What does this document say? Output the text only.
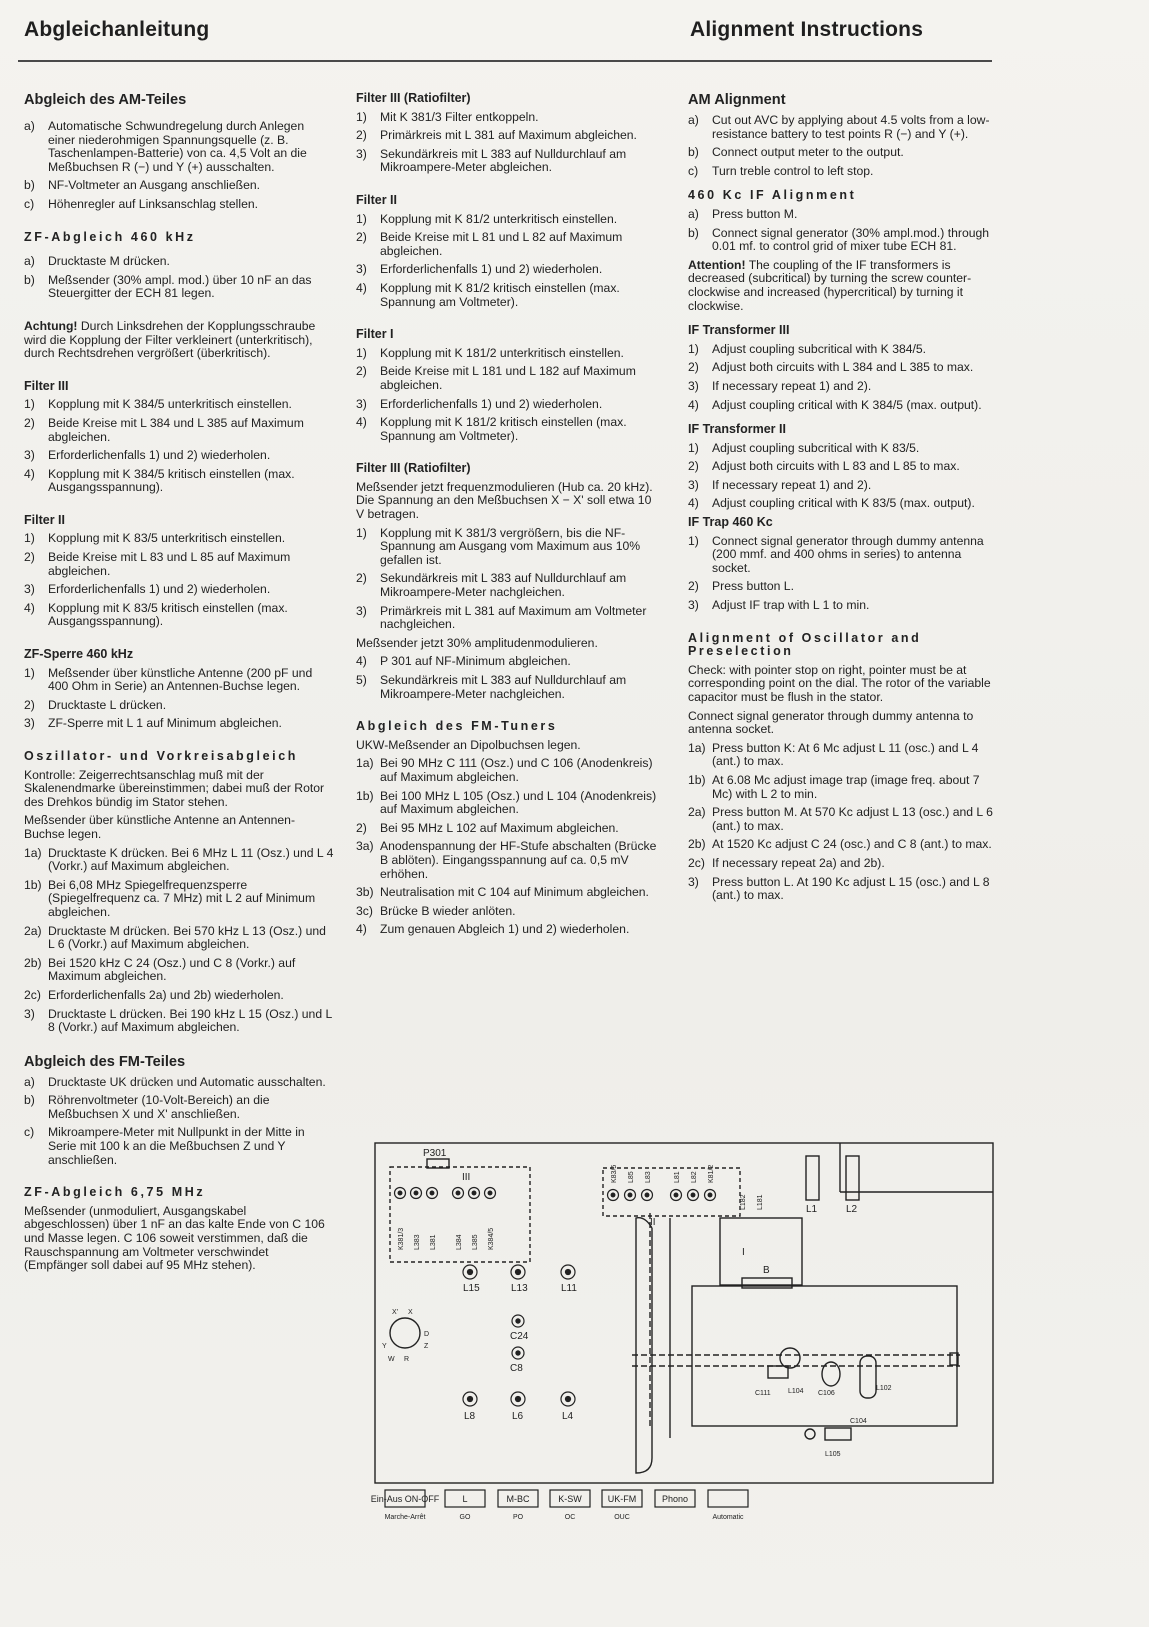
Abgleichanleitung	Alignment Instructions
Abgleich des AM-Teiles
a)	Automatische Schwundregelung durch Anlegen einer niederohmigen Spannungsquelle (z. B. Taschenlampen-Batterie) von ca. 4,5 Volt an die Meßbuchsen R (−) und Y (+) ausschalten.
b)	NF-Voltmeter an Ausgang anschließen.
c)	Höhenregler auf Linksanschlag stellen.
ZF-Abgleich 460 kHz
a)	Drucktaste M drücken.
b)	Meßsender (30% ampl. mod.) über 10 nF an das Steuergitter der ECH 81 legen.

Achtung! Durch Linksdrehen der Kopplungsschraube wird die Kopplung der Filter verkleinert (unterkritisch), durch Rechtsdrehen vergrößert (überkritisch).

Filter III
1)	Kopplung mit K 384/5 unterkritisch einstellen.
2)	Beide Kreise mit L 384 und L 385 auf Maximum abgleichen.
3)	Erforderlichenfalls 1) und 2) wiederholen.
4)	Kopplung mit K 384/5 kritisch einstellen (max. Ausgangsspannung).
Filter II
1)	Kopplung mit K 83/5 unterkritisch einstellen.
2)	Beide Kreise mit L 83 und L 85 auf Maximum abgleichen.
3)	Erforderlichenfalls 1) und 2) wiederholen.
4)	Kopplung mit K 83/5 kritisch einstellen (max. Ausgangsspannung).
ZF-Sperre 460 kHz
1)	Meßsender über künstliche Antenne (200 pF und 400 Ohm in Serie) an Antennen-Buchse legen.
2)	Drucktaste L drücken.
3)	ZF-Sperre mit L 1 auf Minimum abgleichen.
Oszillator- und Vorkreisabgleich

Kontrolle: Zeigerrechtsanschlag muß mit der Skalenendmarke übereinstimmen; dabei muß der Rotor des Drehkos bündig im Stator stehen.

Meßsender über künstliche Antenne an Antennen-Buchse legen.

1a) Drucktaste K drücken. Bei 6 MHz L 11 (Osz.) und L 4 (Vorkr.) auf Maximum abgleichen.
1b) Bei 6,08 MHz Spiegelfrequenzsperre (Spiegelfrequenz ca. 7 MHz) mit L 2 auf Minimum abgleichen.
2a) Drucktaste M drücken. Bei 570 kHz L 13 (Osz.) und L 6 (Vorkr.) auf Maximum abgleichen.
2b) Bei 1520 kHz C 24 (Osz.) und C 8 (Vorkr.) auf Maximum abgleichen.
2c) Erforderlichenfalls 2a) und 2b) wiederholen.
3)	Drucktaste L drücken. Bei 190 kHz L 15 (Osz.) und L 8 (Vorkr.) auf Maximum abgleichen.
Abgleich des FM-Teiles
a)	Drucktaste UK drücken und Automatic ausschalten.
b)	Röhrenvoltmeter (10-Volt-Bereich) an die Meßbuchsen X und X' anschließen.
c)	Mikroampere-Meter mit Nullpunkt in der Mitte in Serie mit 100 k an die Meßbuchsen Z und Y anschließen.
ZF-Abgleich 6,75 MHz

Meßsender (unmoduliert, Ausgangskabel abgeschlossen) über 1 nF an das kalte Ende von C 106 und Masse legen. C 106 soweit verstimmen, daß die Rauschspannung am Voltmeter verschwindet (Empfänger soll dabei auf 95 MHz stehen).

Filter III (Ratiofilter)
1)	Mit K 381/3 Filter entkoppeln.
2)	Primärkreis mit L 381 auf Maximum abgleichen.
3)	Sekundärkreis mit L 383 auf Nulldurchlauf am Mikroampere-Meter abgleichen.
Filter II
1)	Kopplung mit K 81/2 unterkritisch einstellen.
2)	Beide Kreise mit L 81 und L 82 auf Maximum abgleichen.
3)	Erforderlichenfalls 1) und 2) wiederholen.
4)	Kopplung mit K 81/2 kritisch einstellen (max. Spannung am Voltmeter).
Filter I
1)	Kopplung mit K 181/2 unterkritisch einstellen.
2)	Beide Kreise mit L 181 und L 182 auf Maximum abgleichen.
3)	Erforderlichenfalls 1) und 2) wiederholen.
4)	Kopplung mit K 181/2 kritisch einstellen (max. Spannung am Voltmeter).
Filter III (Ratiofilter)

Meßsender jetzt frequenzmodulieren (Hub ca. 20 kHz). Die Spannung an den Meßbuchsen X − X' soll etwa 10 V betragen.

1)	Kopplung mit K 381/3 vergrößern, bis die NF-Spannung am Ausgang vom Maximum aus 10% gefallen ist.
2)	Sekundärkreis mit L 383 auf Nulldurchlauf am Mikroampere-Meter nachgleichen.
3)	Primärkreis mit L 381 auf Maximum am Voltmeter nachgleichen.

Meßsender jetzt 30% amplitudenmodulieren.

4)	P 301 auf NF-Minimum abgleichen.
5)	Sekundärkreis mit L 383 auf Nulldurchlauf am Mikroampere-Meter nachgleichen.
Abgleich des FM-Tuners

UKW-Meßsender an Dipolbuchsen legen.

1a) Bei 90 MHz C 111 (Osz.) und C 106 (Anodenkreis) auf Maximum abgleichen.
1b) Bei 100 MHz L 105 (Osz.) und L 104 (Anodenkreis) auf Maximum abgleichen.
2)	Bei 95 MHz L 102 auf Maximum abgleichen.
3a) Anodenspannung der HF-Stufe abschalten (Brücke B ablöten). Eingangsspannung auf ca. 0,5 mV erhöhen.
3b) Neutralisation mit C 104 auf Minimum abgleichen.
3c) Brücke B wieder anlöten.
4)	Zum genauen Abgleich 1) und 2) wiederholen.
AM Alignment
a)	Cut out AVC by applying about 4.5 volts from a low-resistance battery to test points R (−) and Y (+).
b)	Connect output meter to the output.
c)	Turn treble control to left stop.
460 Kc IF Alignment
a)	Press button M.
b)	Connect signal generator (30% ampl.mod.) through 0.01 mf. to control grid of mixer tube ECH 81.

Attention! The coupling of the IF transformers is decreased (subcritical) by turning the screw counter-clockwise and increased (hypercritical) by turning it clockwise.

IF Transformer III
1)	Adjust coupling subcritical with K 384/5.
2)	Adjust both circuits with L 384 and L 385 to max.
3)	If necessary repeat 1) and 2).
4)	Adjust coupling critical with K 384/5 (max. output).
IF Transformer II
1)	Adjust coupling subcritical with K 83/5.
2)	Adjust both circuits with L 83 and L 85 to max.
3)	If necessary repeat 1) and 2).
4)	Adjust coupling critical with K 83/5 (max. output).
IF Trap 460 Kc
1)	Connect signal generator through dummy antenna (200 mmf. and 400 ohms in series) to antenna socket.
2)	Press button L.
3)	Adjust IF trap with L 1 to min.
Alignment of Oscillator and Preselection

Check: with pointer stop on right, pointer must be at corresponding point on the dial. The rotor of the variable capacitor must be flush in the stator.

Connect signal generator through dummy antenna to antenna socket.

1a) Press button K: At 6 Mc adjust L 11 (osc.) and L 4 (ant.) to max.
1b) At 6.08 Mc adjust image trap (image freq. about 7 Mc) with L 2 to min.
2a) Press button M. At 570 Kc adjust L 13 (osc.) and L 6 (ant.) to max.
2b) At 1520 Kc adjust C 24 (osc.) and C 8 (ant.) to max.
2c) If necessary repeat 2a) and 2b).
3)	Press button L. At 190 Kc adjust L 15 (osc.) and L 8 (ant.) to max.
P301
III
II
I
B
K381/3 L383 L381	L384 L385 K384/5
K83/5 L85 L83	L81 L82 K81/2
L182 L181	L1	L2
L15	L13	L11
C24
C8
L8	L6	L4
C111 L104 C106
L102
C104
L105
X' X
D
Y	Z
W R
Ein-Aus ON-OFF
Marche-Arrêt
L
GO
M-BC
PO
K-SW
OC
UK-FM
OUC
Phono
Automatic
